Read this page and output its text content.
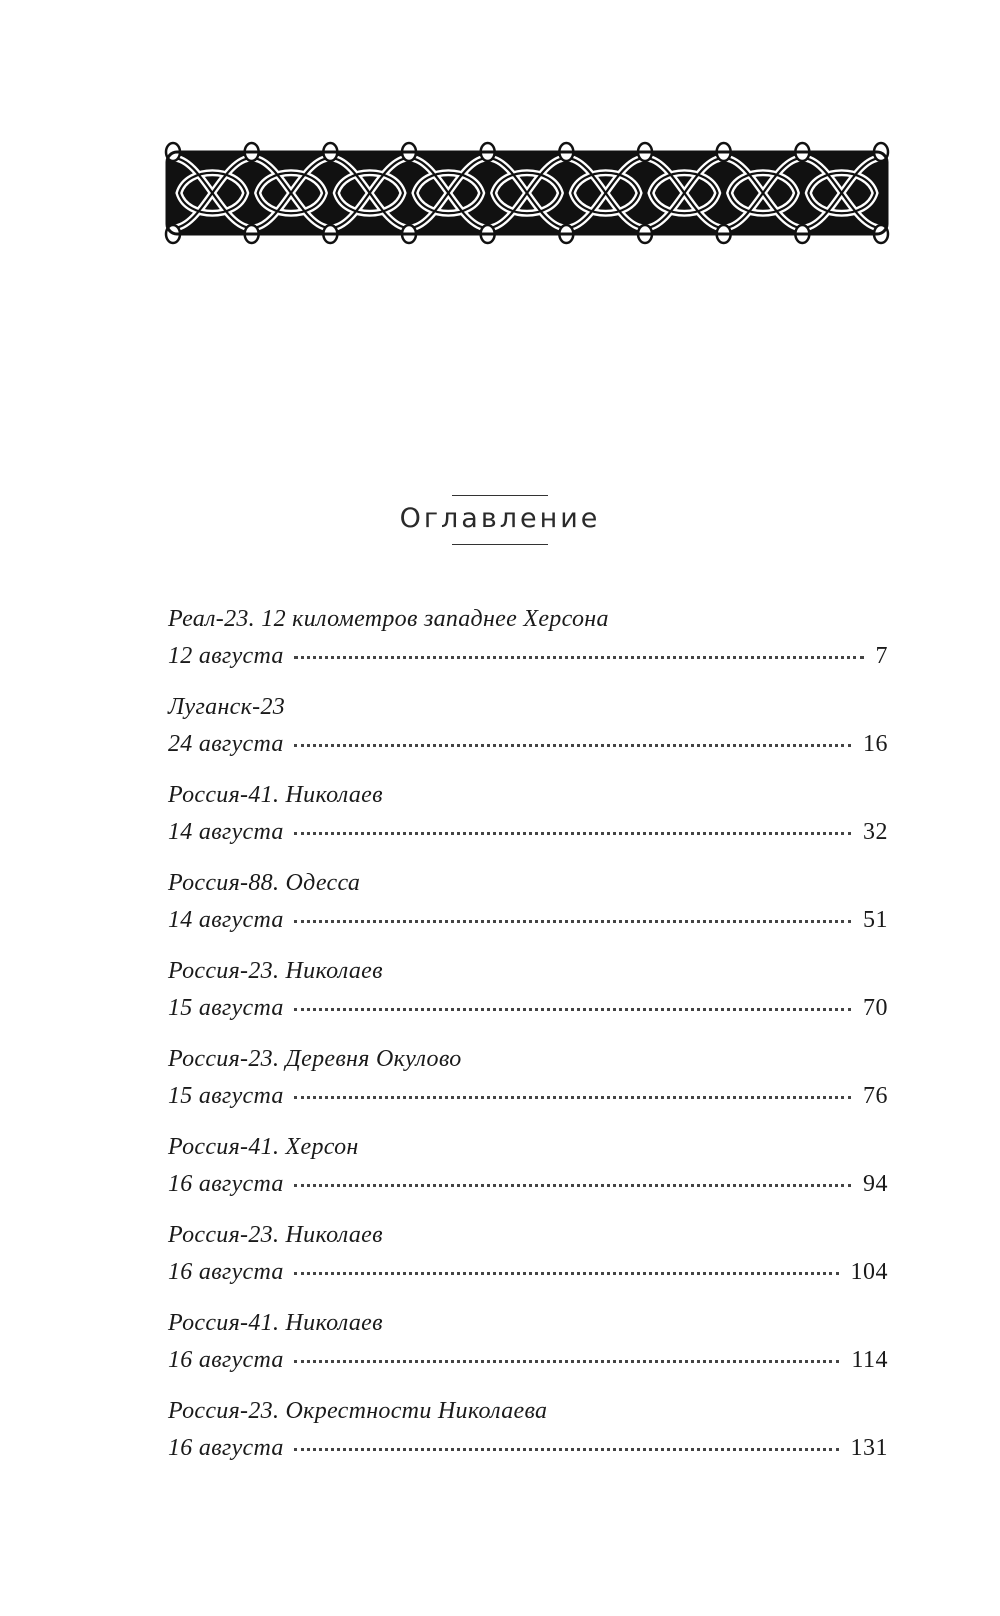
Оглавление
Реал-23. 12 километров западнее Херсона
12 августа	7
Луганск-23
24 августа	16
Россия-41. Николаев
14 августа	32
Россия-88. Одесса
14 августа	51
Россия-23. Николаев
15 августа	70
Россия-23. Деревня Окулово
15 августа	76
Россия-41. Херсон
16 августа	94
Россия-23. Николаев
16 августа	104
Россия-41. Николаев
16 августа	114
Россия-23. Окрестности Николаева
16 августа	131
